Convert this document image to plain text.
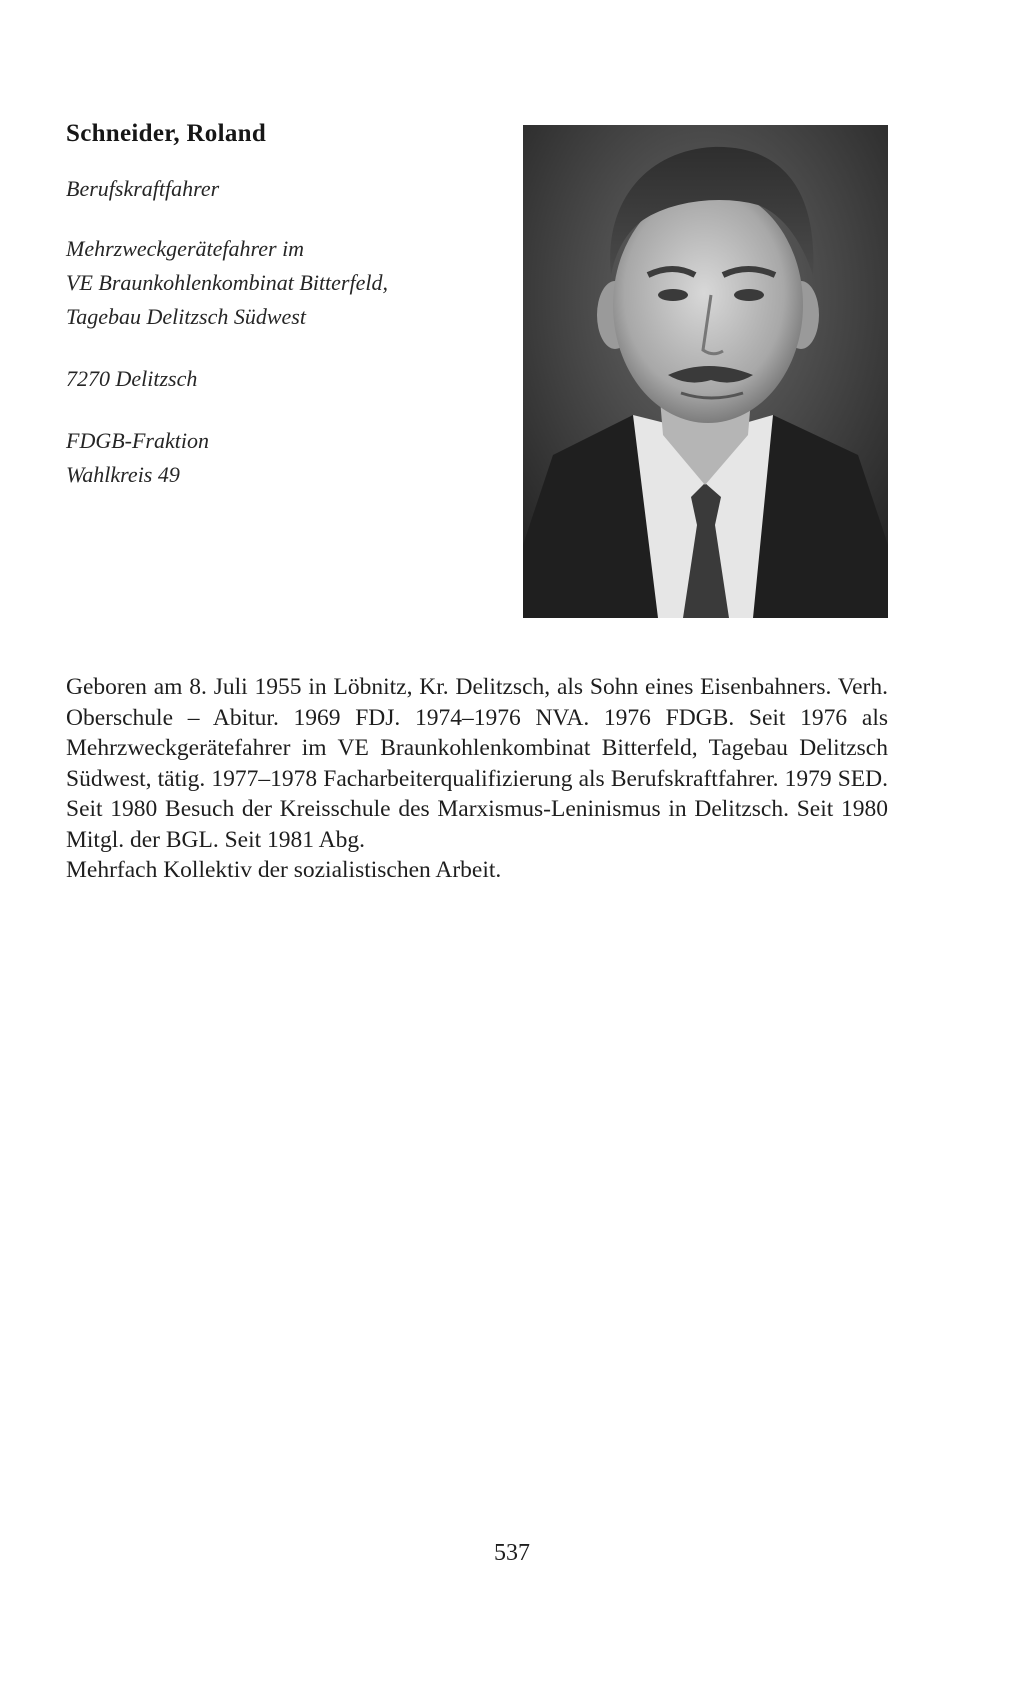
Schneider, Roland

Berufskraftfahrer

Mehrzweckgerätefahrer im

VE Braunkohlenkombinat Bitterfeld,

Tagebau Delitzsch Südwest

7270 Delitzsch

FDGB-Fraktion

Wahlkreis 49

Geboren am 8. Juli 1955 in Löbnitz, Kr. Delitzsch, als Sohn eines Eisenbahners. Verh. Oberschule – Abitur. 1969 FDJ. 1974–1976 NVA. 1976 FDGB. Seit 1976 als Mehrzweckgerätefahrer im VE Braunkohlenkombinat Bitterfeld, Tagebau Delitzsch Südwest, tätig. 1977–1978 Facharbeiterqualifizierung als Berufskraftfahrer. 1979 SED. Seit 1980 Besuch der Kreisschule des Marxismus-Leninismus in Delitzsch. Seit 1980 Mitgl. der BGL. Seit 1981 Abg.

Mehrfach Kollektiv der sozialistischen Arbeit.

537
